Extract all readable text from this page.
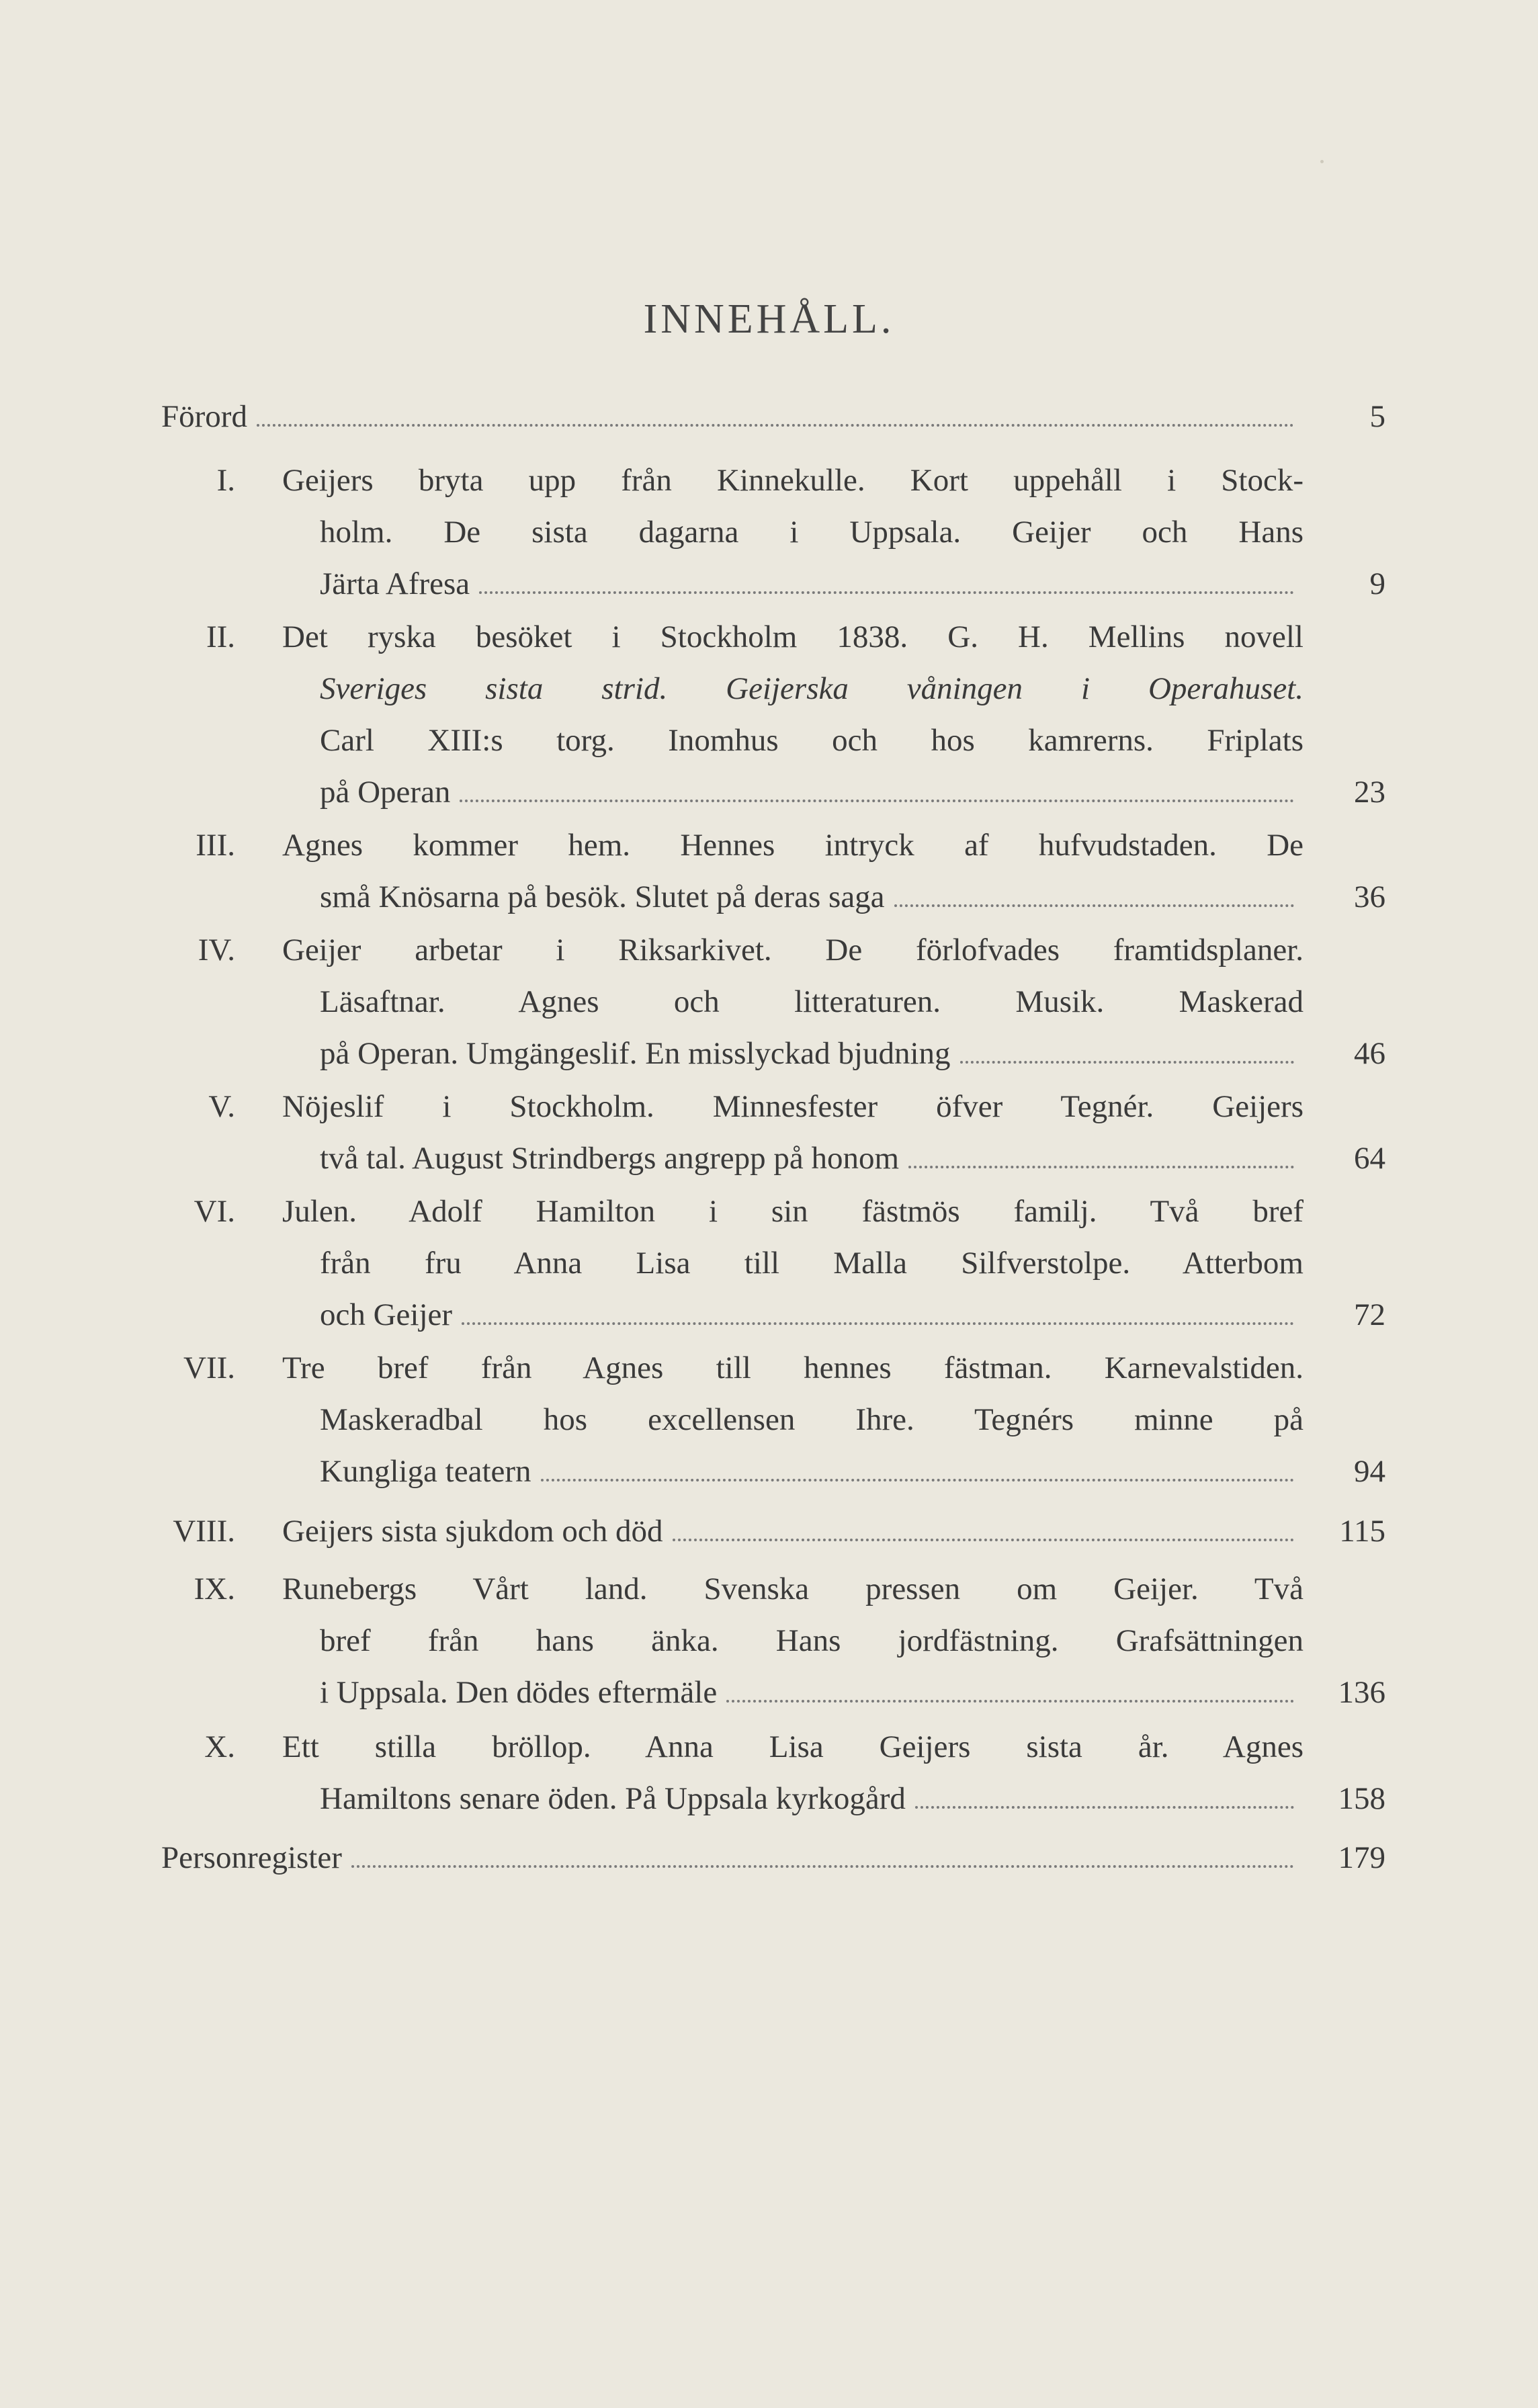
INNEHÅLL.
Förord	5
I. Geijers bryta upp från Kinnekulle. Kort uppehåll i Stock-
holm. De sista dagarna i Uppsala. Geijer och Hans
Järta Afresa	9
II. Det ryska besöket i Stockholm 1838. G. H. Mellins novell
Sveriges sista strid. Geijerska våningen i Operahuset.
Carl XIII:s torg. Inomhus och hos kamrerns. Friplats
på Operan	23
III. Agnes kommer hem. Hennes intryck af hufvudstaden. De
små Knösarna på besök. Slutet på deras saga	36
IV. Geijer arbetar i Riksarkivet. De förlofvades framtidsplaner.
Läsaftnar. Agnes och litteraturen. Musik. Maskerad
på Operan. Umgängeslif. En misslyckad bjudning	46
V. Nöjeslif i Stockholm. Minnesfester öfver Tegnér. Geijers
två tal. August Strindbergs angrepp på honom	64
VI. Julen. Adolf Hamilton i sin fästmös familj. Två bref
från fru Anna Lisa till Malla Silfverstolpe. Atterbom
och Geijer	72
VII. Tre bref från Agnes till hennes fästman. Karnevalstiden.
Maskeradbal hos excellensen Ihre. Tegnérs minne på
Kungliga teatern	94
VIII. Geijers sista sjukdom och död	115
IX. Runebergs Vårt land. Svenska pressen om Geijer. Två
bref från hans änka. Hans jordfästning. Grafsättningen
i Uppsala. Den dödes eftermäle	136
X. Ett stilla bröllop. Anna Lisa Geijers sista år. Agnes
Hamiltons senare öden. På Uppsala kyrkogård	158
Personregister	179
